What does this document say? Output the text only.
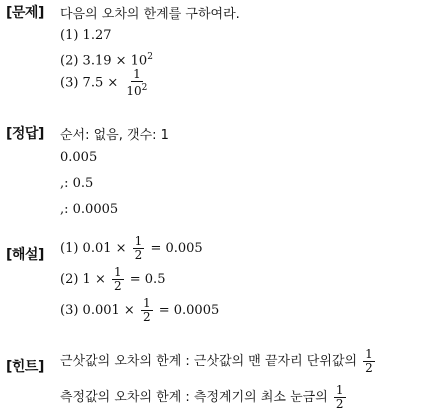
[문제] 다음의 오차의 한계를 구하여라.
(1) 1.27
(2) $3.19 \times 10^2$
(3) $7.5 \times \frac{1}{10^2}$
[정답] 순서: 없음, 갯수: 1
0.005
,: 0.5
,: 0.0005
[해설] (1) $0.01 \times \frac{1}{2} = 0.005$
(2) $1 \times \frac{1}{2} = 0.5$
(3) $0.001 \times \frac{1}{2} = 0.0005$
[힌트] 근삿값의 오차의 한계 : 근삿값의 맨 끝자리 단위값의 $\frac{1}{2}$
측정값의 오차의 한계 : 측정계기의 최소 눈금의 $\frac{1}{2}$
